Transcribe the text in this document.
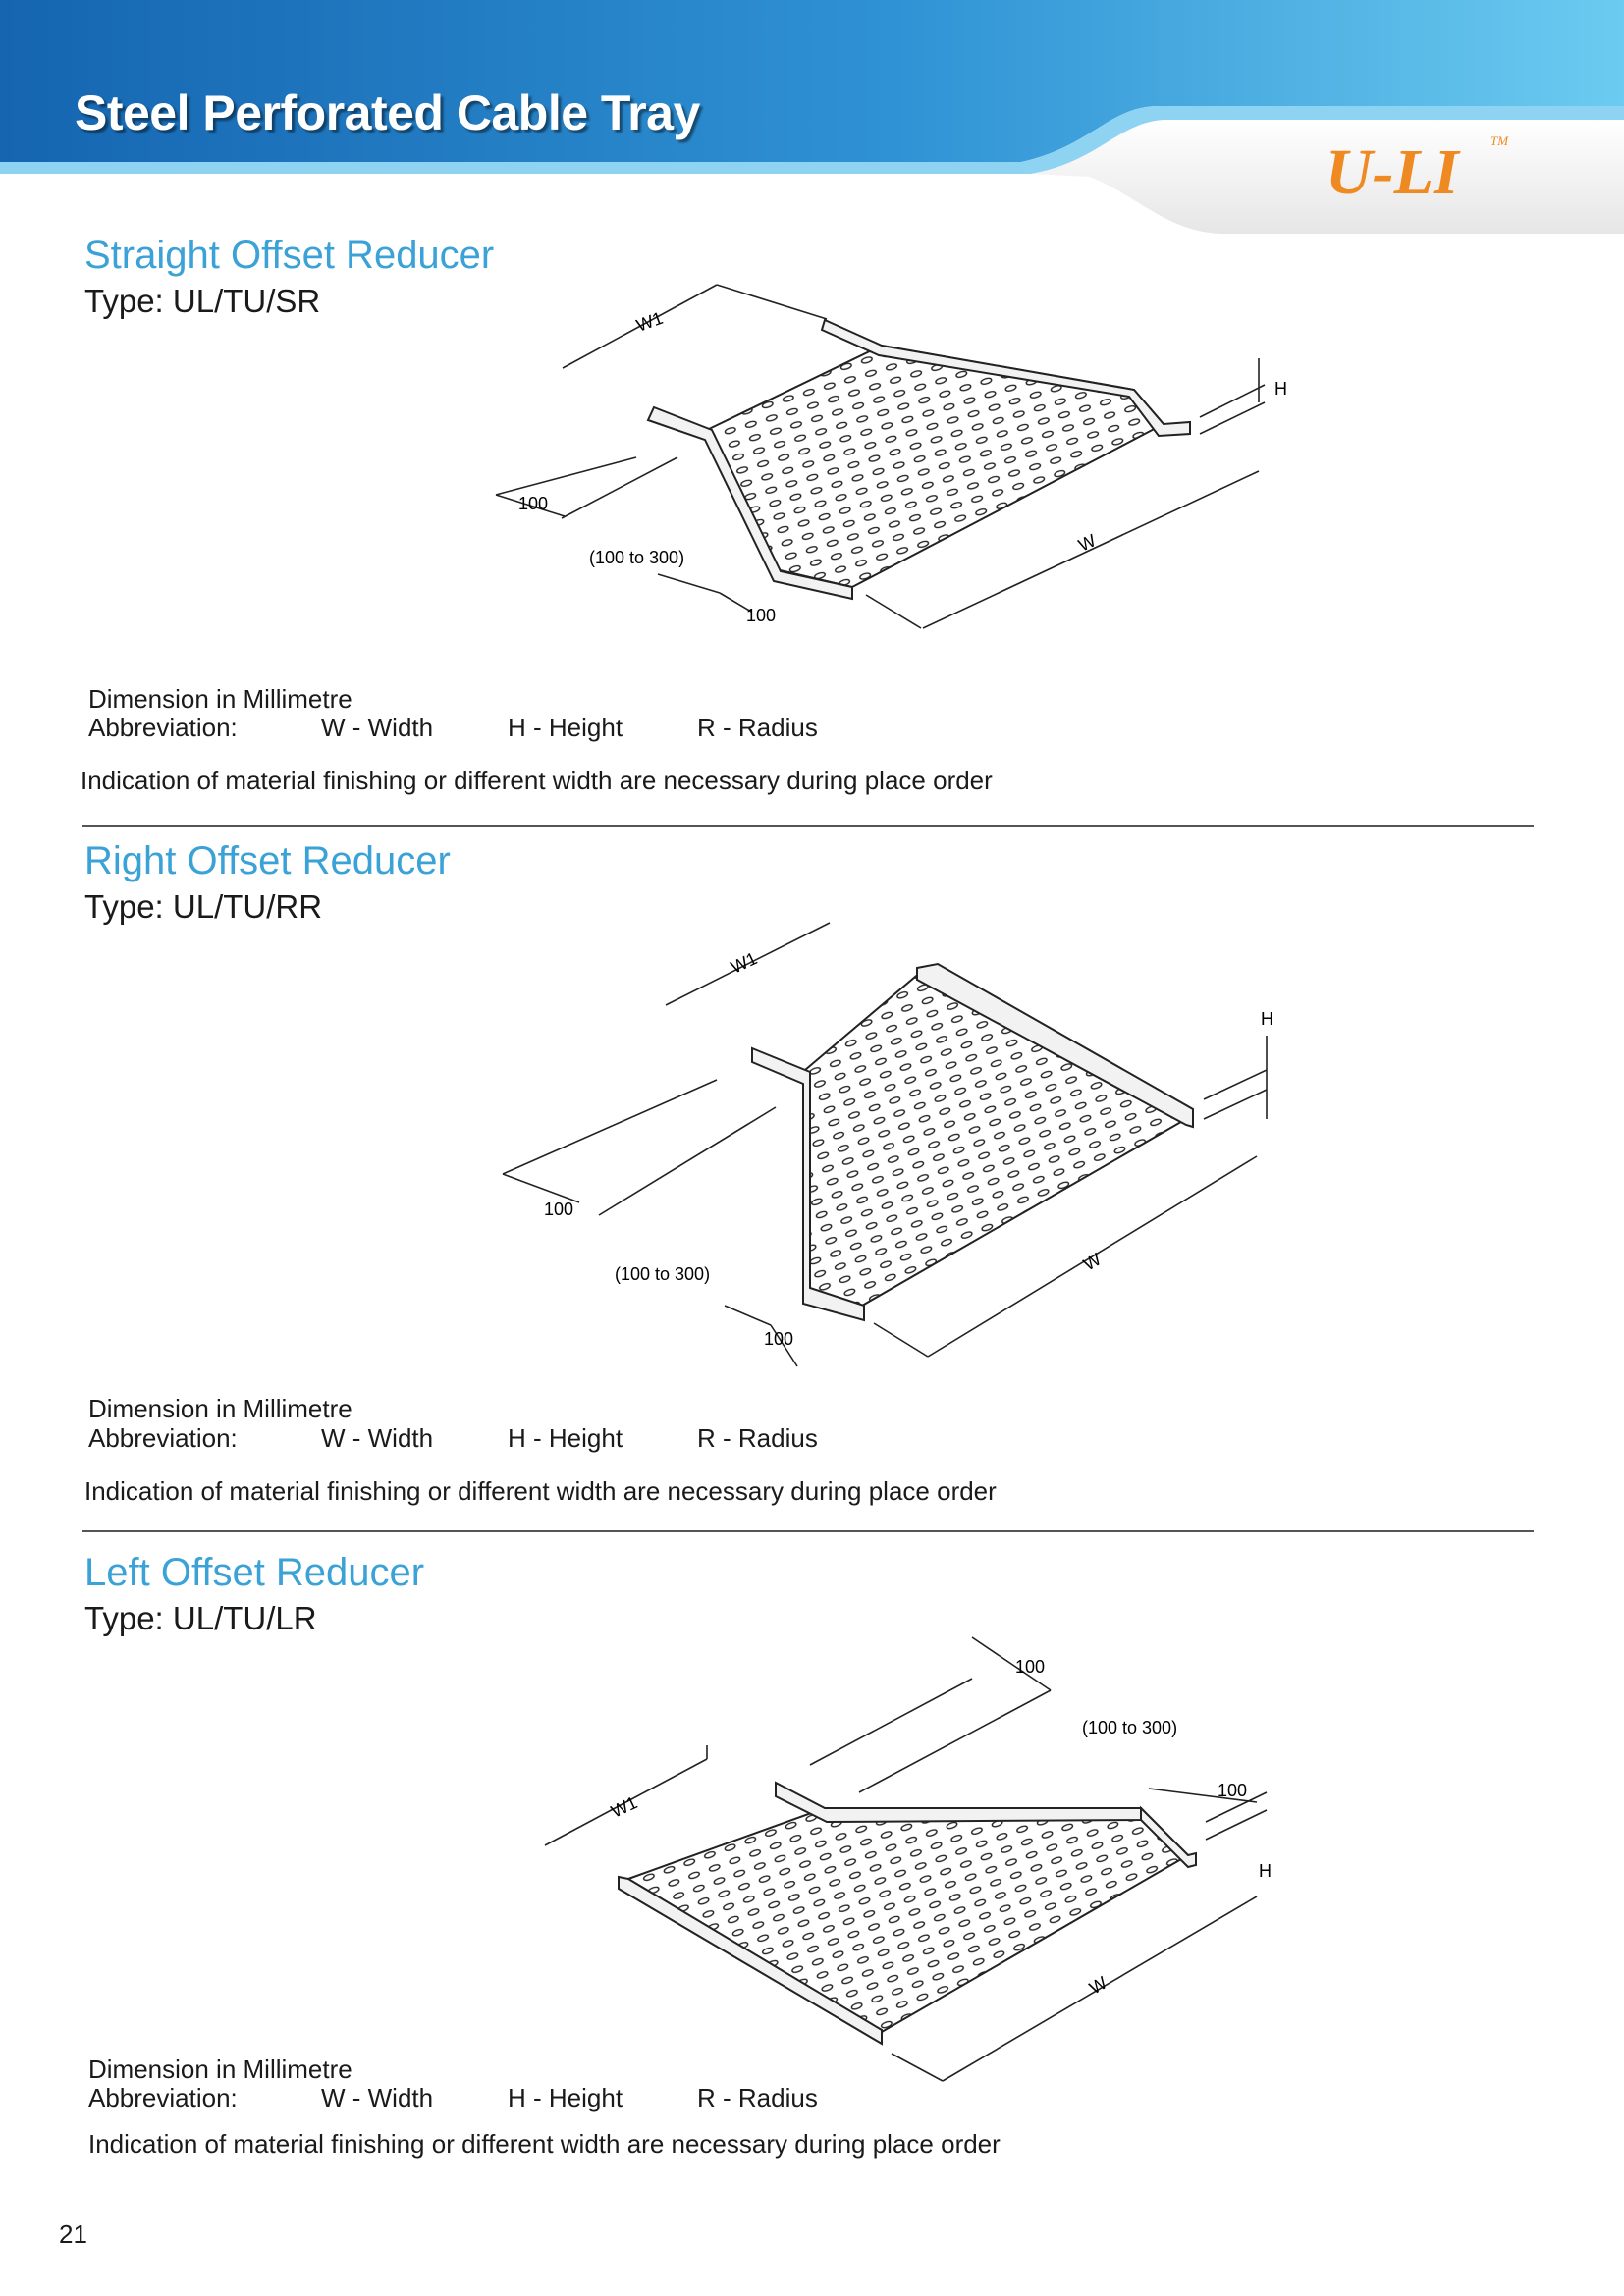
Steel Perforated Cable Tray
U-LI TM
Straight Offset Reducer
Type: UL/TU/SR
W1
H
W
100
(100 to 300)
100
Dimension in Millimetre
Abbreviation:	W - Width	H - Height	R - Radius
Indication of material finishing or different width are necessary during place order
Right Offset Reducer
Type: UL/TU/RR
W1
H
W
100
(100 to 300)
100
Dimension in Millimetre
Abbreviation:	W - Width	H - Height	R - Radius
Indication of material finishing or different width are necessary during place order
Left Offset Reducer
Type: UL/TU/LR
W1
H
W
100
(100 to 300)
100
Dimension in Millimetre
Abbreviation:	W - Width	H - Height	R - Radius
Indication of material finishing or different width are necessary during place order
21
